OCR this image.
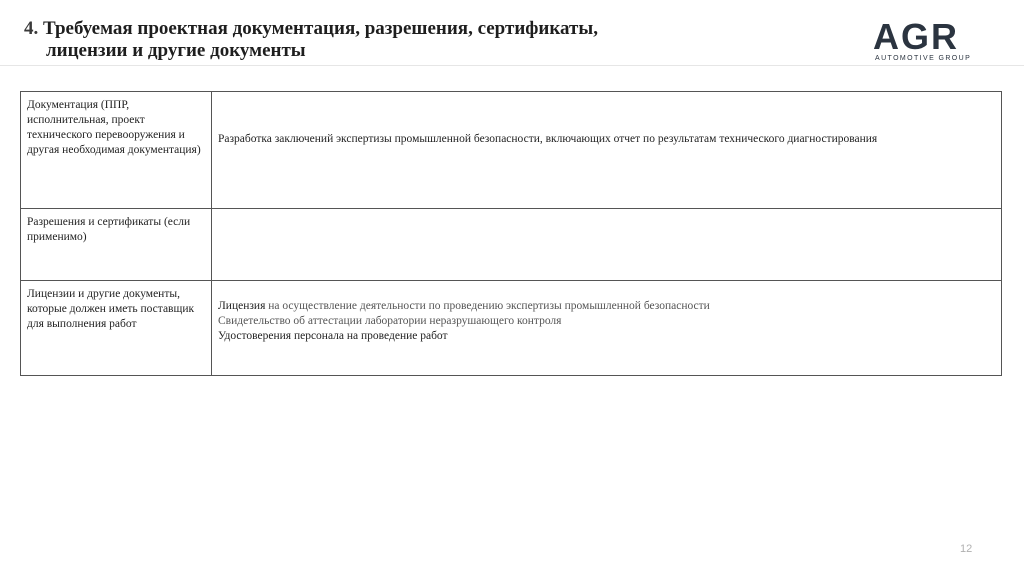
4. Требуемая проектная документация, разрешения, сертификаты,
лицензии и другие документы	AGR
AUTOMOTIVE GROUP
Документация (ППР, исполнительная, проект технического перевооружения и другая необходимая документация)	Разработка заключений экспертизы промышленной безопасности, включающих отчет по результатам технического диагностирования

Разрешения и сертификаты (если применимо)	
Лицензии и другие документы, которые должен иметь поставщик для выполнения работ	Лицензия на осуществление деятельности по проведению экспертизы промышленной безопасности

Свидетельство об аттестации лаборатории неразрушающего контроля

Удостоверения персонала на проведение работ

12
